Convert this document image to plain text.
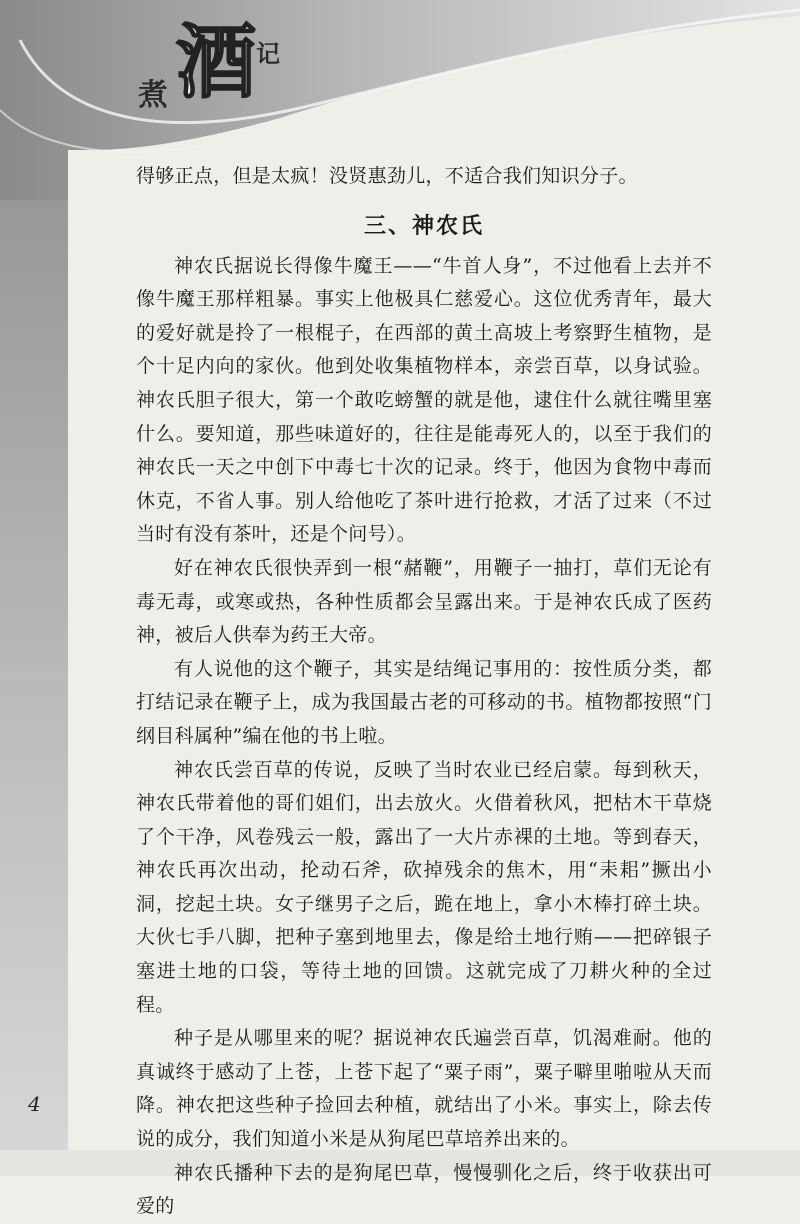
煮 酒 记

得够正点，但是太疯！没贤惠劲儿，不适合我们知识分子。

三、神农氏

神农氏据说长得像牛魔王——“牛首人身”，不过他看上去并不像牛魔王那样粗暴。事实上他极具仁慈爱心。这位优秀青年，最大的爱好就是拎了一根棍子，在西部的黄土高坡上考察野生植物，是个十足内向的家伙。他到处收集植物样本，亲尝百草，以身试验。神农氏胆子很大，第一个敢吃螃蟹的就是他，逮住什么就往嘴里塞什么。要知道，那些味道好的，往往是能毒死人的，以至于我们的神农氏一天之中创下中毒七十次的记录。终于，他因为食物中毒而休克，不省人事。别人给他吃了茶叶进行抢救，才活了过来（不过当时有没有茶叶，还是个问号）。

好在神农氏很快弄到一根“赭鞭”，用鞭子一抽打，草们无论有毒无毒，或寒或热，各种性质都会呈露出来。于是神农氏成了医药神，被后人供奉为药王大帝。

有人说他的这个鞭子，其实是结绳记事用的：按性质分类，都打结记录在鞭子上，成为我国最古老的可移动的书。植物都按照“门纲目科属种”编在他的书上啦。

神农氏尝百草的传说，反映了当时农业已经启蒙。每到秋天，神农氏带着他的哥们姐们，出去放火。火借着秋风，把枯木干草烧了个干净，风卷残云一般，露出了一大片赤裸的土地。等到春天，神农氏再次出动，抡动石斧，砍掉残余的焦木，用“耒耜”撅出小洞，挖起土块。女子继男子之后，跪在地上，拿小木棒打碎土块。大伙七手八脚，把种子塞到地里去，像是给土地行贿——把碎银子塞进土地的口袋，等待土地的回馈。这就完成了刀耕火种的全过程。

种子是从哪里来的呢？据说神农氏遍尝百草，饥渴难耐。他的真诚终于感动了上苍，上苍下起了“粟子雨”，粟子噼里啪啦从天而降。神农把这些种子捡回去种植，就结出了小米。事实上，除去传说的成分，我们知道小米是从狗尾巴草培养出来的。

神农氏播种下去的是狗尾巴草，慢慢驯化之后，终于收获出可爱的

4
